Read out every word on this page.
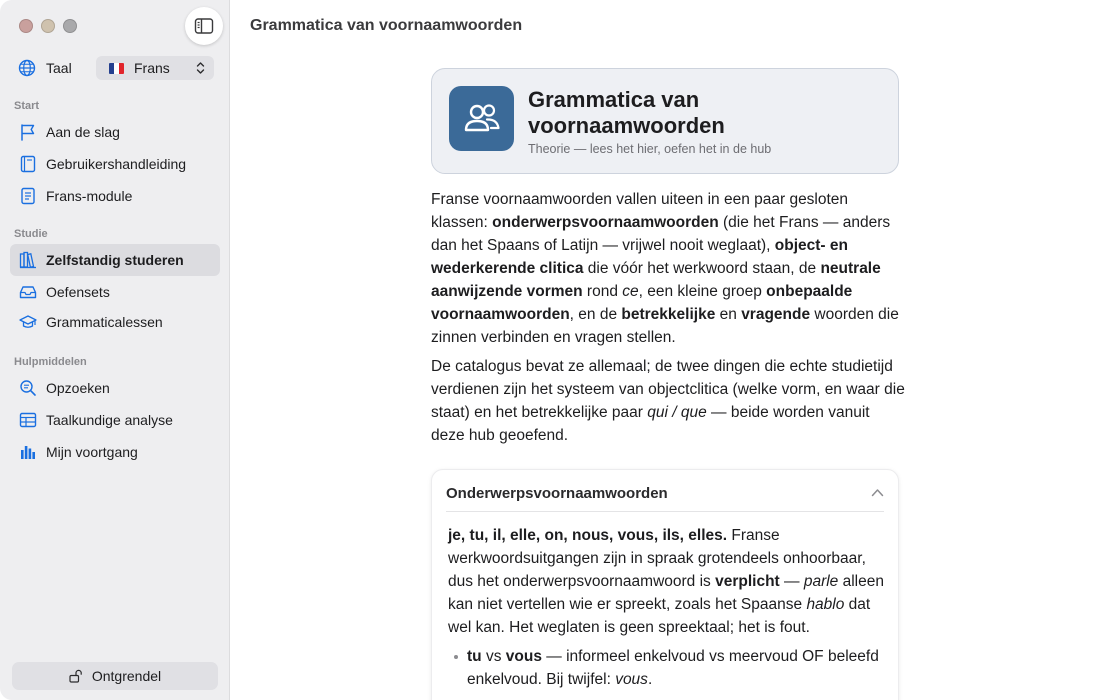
Taal	Frans
Start
Aan de slag
Gebruikershandleiding
Frans-module
Studie
Zelfstandig studeren
Oefensets
Grammaticalessen
Hulpmiddelen
Opzoeken
Taalkundige analyse
Mijn voortgang
Ontgrendel
Grammatica van voornaamwoorden
Grammatica van voornaamwoorden
Theorie — lees het hier, oefen het in de hub

Franse voornaamwoorden vallen uiteen in een paar gesloten klassen: onderwerpsvoornaamwoorden (die het Frans — anders dan het Spaans of Latijn — vrijwel nooit weglaat), object- en wederkerende clitica die vóór het werkwoord staan, de neutrale aanwijzende vormen rond ce, een kleine groep onbepaalde voornaamwoorden, en de betrekkelijke en vragende woorden die zinnen verbinden en vragen stellen.

De catalogus bevat ze allemaal; de twee dingen die echte studietijd verdienen zijn het systeem van objectclitica (welke vorm, en waar die staat) en het betrekkelijke paar qui / que — beide worden vanuit deze hub geoefend.

Onderwerpsvoornaamwoorden

je, tu, il, elle, on, nous, vous, ils, elles. Franse werkwoordsuitgangen zijn in spraak grotendeels onhoorbaar, dus het onderwerpsvoornaamwoord is verplicht — parle alleen kan niet vertellen wie er spreekt, zoals het Spaanse hablo dat wel kan. Het weglaten is geen spreektaal; het is fout.

tu vs vous — informeel enkelvoud vs meervoud OF beleefd enkelvoud. Bij twijfel: vous.
